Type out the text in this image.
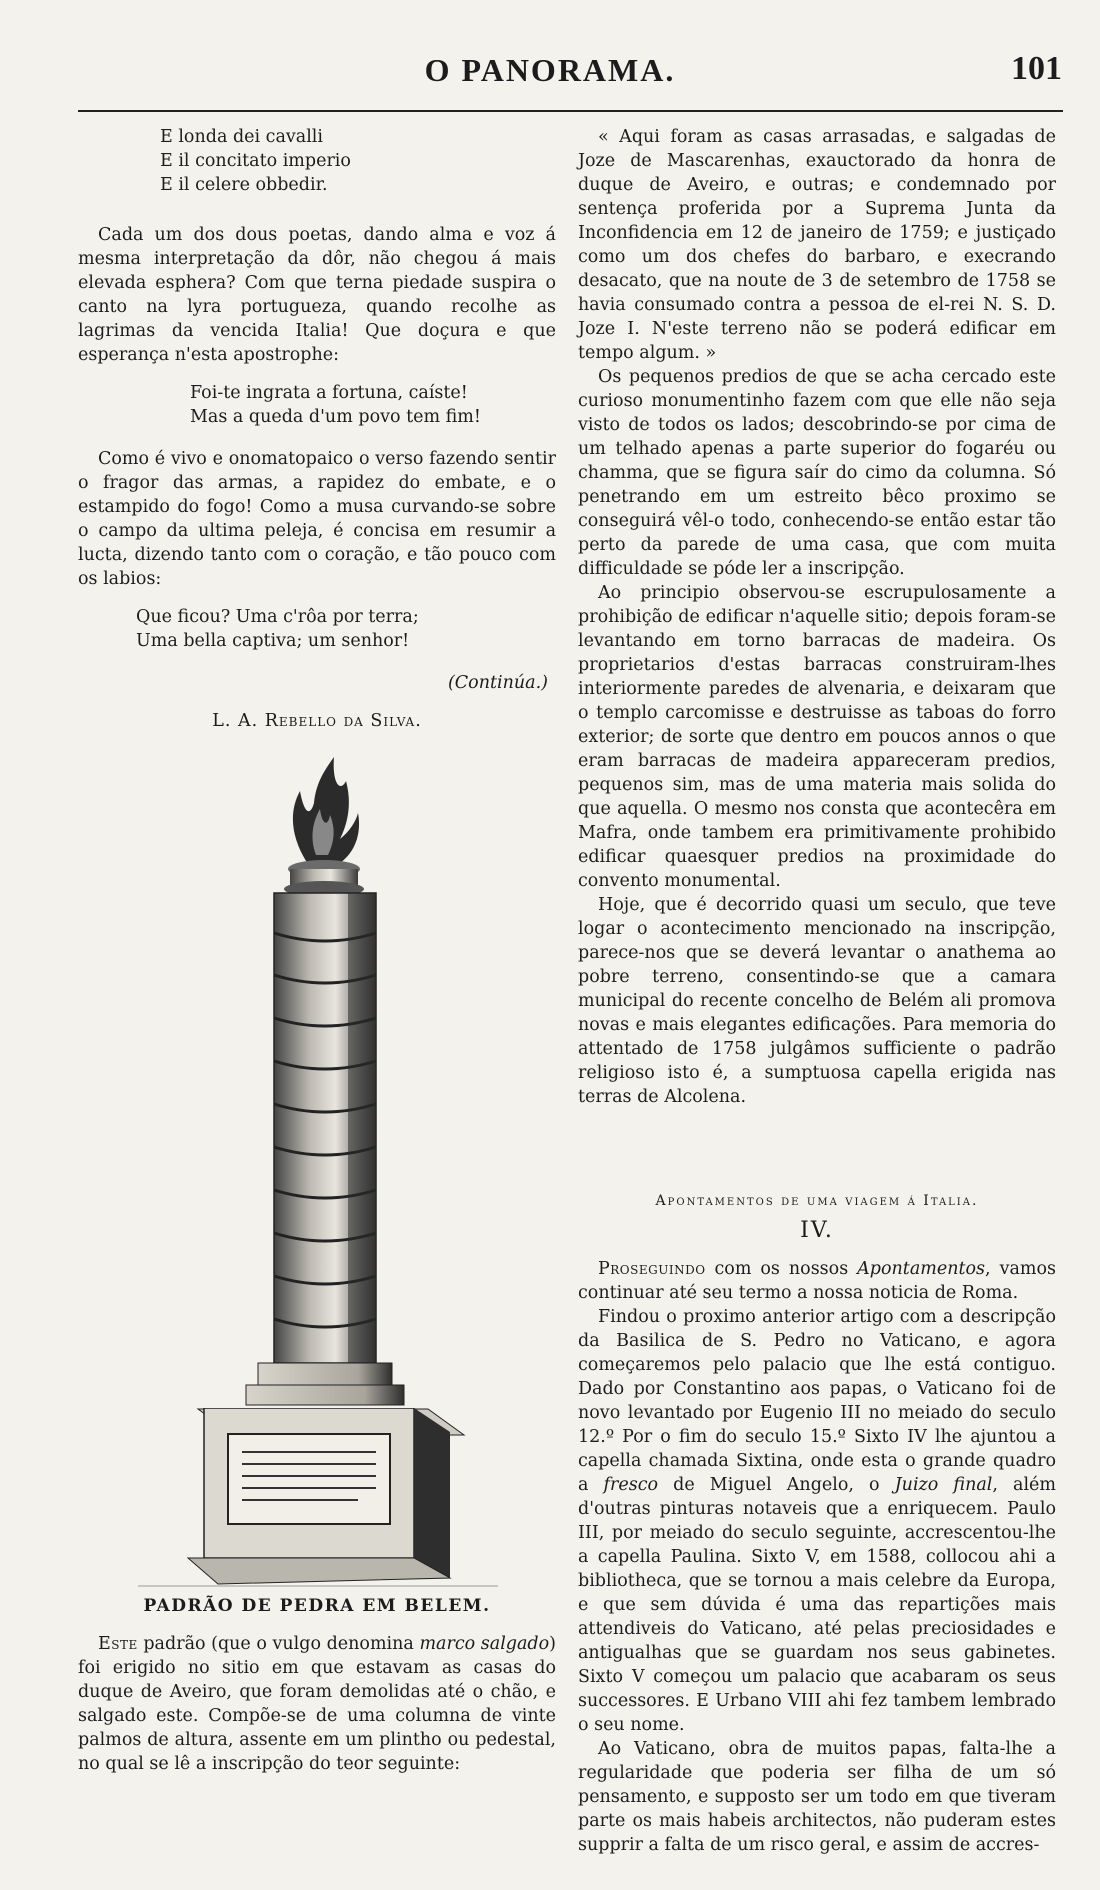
O PANORAMA.	101
E londa dei cavalli
E il concitato imperio
E il celere obbedir.

Cada um dos dous poetas, dando alma e voz á mesma interpretação da dôr, não chegou á mais elevada esphera? Com que terna piedade suspira o canto na lyra portugueza, quando recolhe as lagrimas da vencida Italia! Que doçura e que esperança n'esta apostrophe:

Foi-te ingrata a fortuna, caíste!
Mas a queda d'um povo tem fim!

Como é vivo e onomatopaico o verso fazendo sentir o fragor das armas, a rapidez do embate, e o estampido do fogo! Como a musa curvando-se sobre o campo da ultima peleja, é concisa em resumir a lucta, dizendo tanto com o coração, e tão pouco com os labios:

Que ficou? Uma c'rôa por terra;
Uma bella captiva; um senhor!
(Continúa.)
L. A. Rebello da Silva.
PADRÃO DE PEDRA EM BELEM.

Este padrão (que o vulgo denomina marco salgado) foi erigido no sitio em que estavam as casas do duque de Aveiro, que foram demolidas até o chão, e salgado este. Compõe-se de uma columna de vinte palmos de altura, assente em um plintho ou pedestal, no qual se lê a inscripção do teor seguinte:

« Aqui foram as casas arrasadas, e salgadas de Joze de Mascarenhas, exauctorado da honra de duque de Aveiro, e outras; e condemnado por sentença proferida por a Suprema Junta da Inconfidencia em 12 de janeiro de 1759; e justiçado como um dos chefes do barbaro, e execrando desacato, que na noute de 3 de setembro de 1758 se havia consumado contra a pessoa de el-rei N. S. D. Joze I. N'este terreno não se poderá edificar em tempo algum. »

Os pequenos predios de que se acha cercado este curioso monumentinho fazem com que elle não seja visto de todos os lados; descobrindo-se por cima de um telhado apenas a parte superior do fogaréu ou chamma, que se figura saír do cimo da columna. Só penetrando em um estreito bêco proximo se conseguirá vêl-o todo, conhecendo-se então estar tão perto da parede de uma casa, que com muita difficuldade se póde ler a inscripção.

Ao principio observou-se escrupulosamente a prohibição de edificar n'aquelle sitio; depois foram-se levantando em torno barracas de madeira. Os proprietarios d'estas barracas construiram-lhes interiormente paredes de alvenaria, e deixaram que o templo carcomisse e destruisse as taboas do forro exterior; de sorte que dentro em poucos annos o que eram barracas de madeira appareceram predios, pequenos sim, mas de uma materia mais solida do que aquella. O mesmo nos consta que acontecêra em Mafra, onde tambem era primitivamente prohibido edificar quaesquer predios na proximidade do convento monumental.

Hoje, que é decorrido quasi um seculo, que teve logar o acontecimento mencionado na inscripção, parece-nos que se deverá levantar o anathema ao pobre terreno, consentindo-se que a camara municipal do recente concelho de Belém ali promova novas e mais elegantes edificações. Para memoria do attentado de 1758 julgâmos sufficiente o padrão religioso isto é, a sumptuosa capella erigida nas terras de Alcolena.

Apontamentos de uma viagem á Italia.
IV.

Proseguindo com os nossos Apontamentos, vamos continuar até seu termo a nossa noticia de Roma.

Findou o proximo anterior artigo com a descripção da Basilica de S. Pedro no Vaticano, e agora começaremos pelo palacio que lhe está contiguo. Dado por Constantino aos papas, o Vaticano foi de novo levantado por Eugenio III no meiado do seculo 12.º Por o fim do seculo 15.º Sixto IV lhe ajuntou a capella chamada Sixtina, onde esta o grande quadro a fresco de Miguel Angelo, o Juizo final, além d'outras pinturas notaveis que a enriquecem. Paulo III, por meiado do seculo seguinte, accrescentou-lhe a capella Paulina. Sixto V, em 1588, collocou ahi a bibliotheca, que se tornou a mais celebre da Europa, e que sem dúvida é uma das repartições mais attendiveis do Vaticano, até pelas preciosidades e antigualhas que se guardam nos seus gabinetes. Sixto V começou um palacio que acabaram os seus successores. E Urbano VIII ahi fez tambem lembrado o seu nome.

Ao Vaticano, obra de muitos papas, falta-lhe a regularidade que poderia ser filha de um só pensamento, e supposto ser um todo em que tiveram parte os mais habeis architectos, não puderam estes supprir a falta de um risco geral, e assim de accres-
